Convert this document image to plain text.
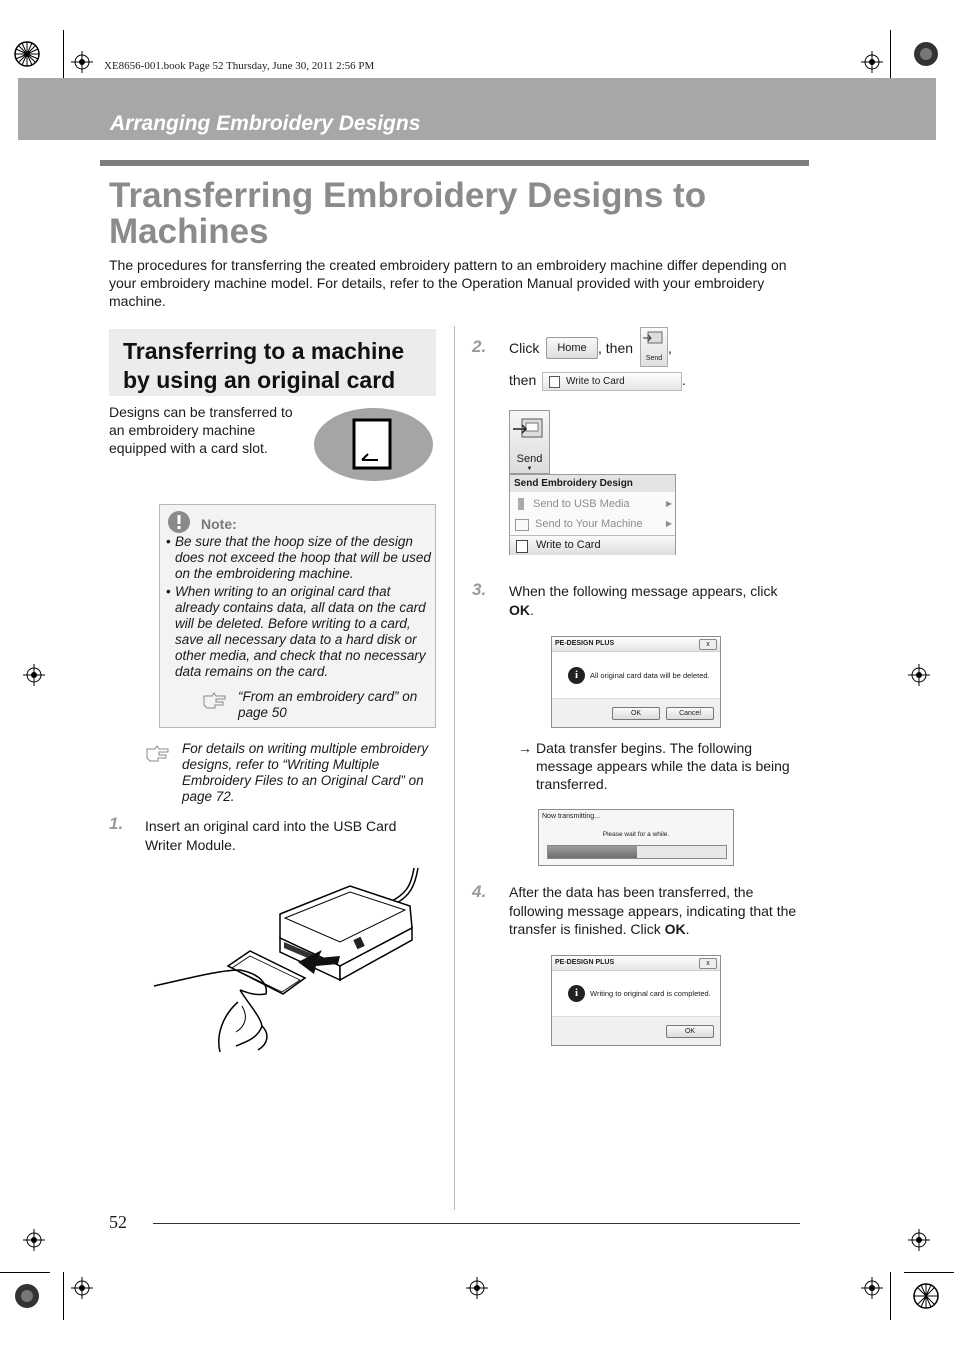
XE8656-001.book Page 52 Thursday, June 30, 2011 2:56 PM
Arranging Embroidery Designs
Transferring Embroidery Designs to Machines
The procedures for transferring the created embroidery pattern to an embroidery machine differ depending on your embroidery machine model. For details, refer to the Operation Manual provided with your embroidery machine.
Transferring to a machine by using an original card
Designs can be transferred to an embroidery machine equipped with a card slot.
Note:
• Be sure that the hoop size of the design does not exceed the hoop that will be used on the embroidering machine.
• When writing to an original card that already contains data, all data on the card will be deleted. Before writing to a card, save all necessary data to a hard disk or other media, and check that no necessary data remains on the card.
“From an embroidery card” on page 50
For details on writing multiple embroidery designs, refer to “Writing Multiple Embroidery Files to an Original Card” on page 72.
1. Insert an original card into the USB Card Writer Module.
2. Click	Home , then
Send
,
then	Write to Card	.
Send
▼
Send Embroidery Design
Send to USB Media	▶
Send to Your Machine	▶
Write to Card
3. When the following message appears, click OK.
PE-DESIGN PLUS	x
i	All original card data will be deleted.
OK	Cancel
→ Data transfer begins. The following message appears while the data is being transferred.
Now transmitting...
Please wait for a while.
4. After the data has been transferred, the following message appears, indicating that the transfer is finished. Click OK.
PE-DESIGN PLUS	x
i	Writing to original card is completed.
OK
52
